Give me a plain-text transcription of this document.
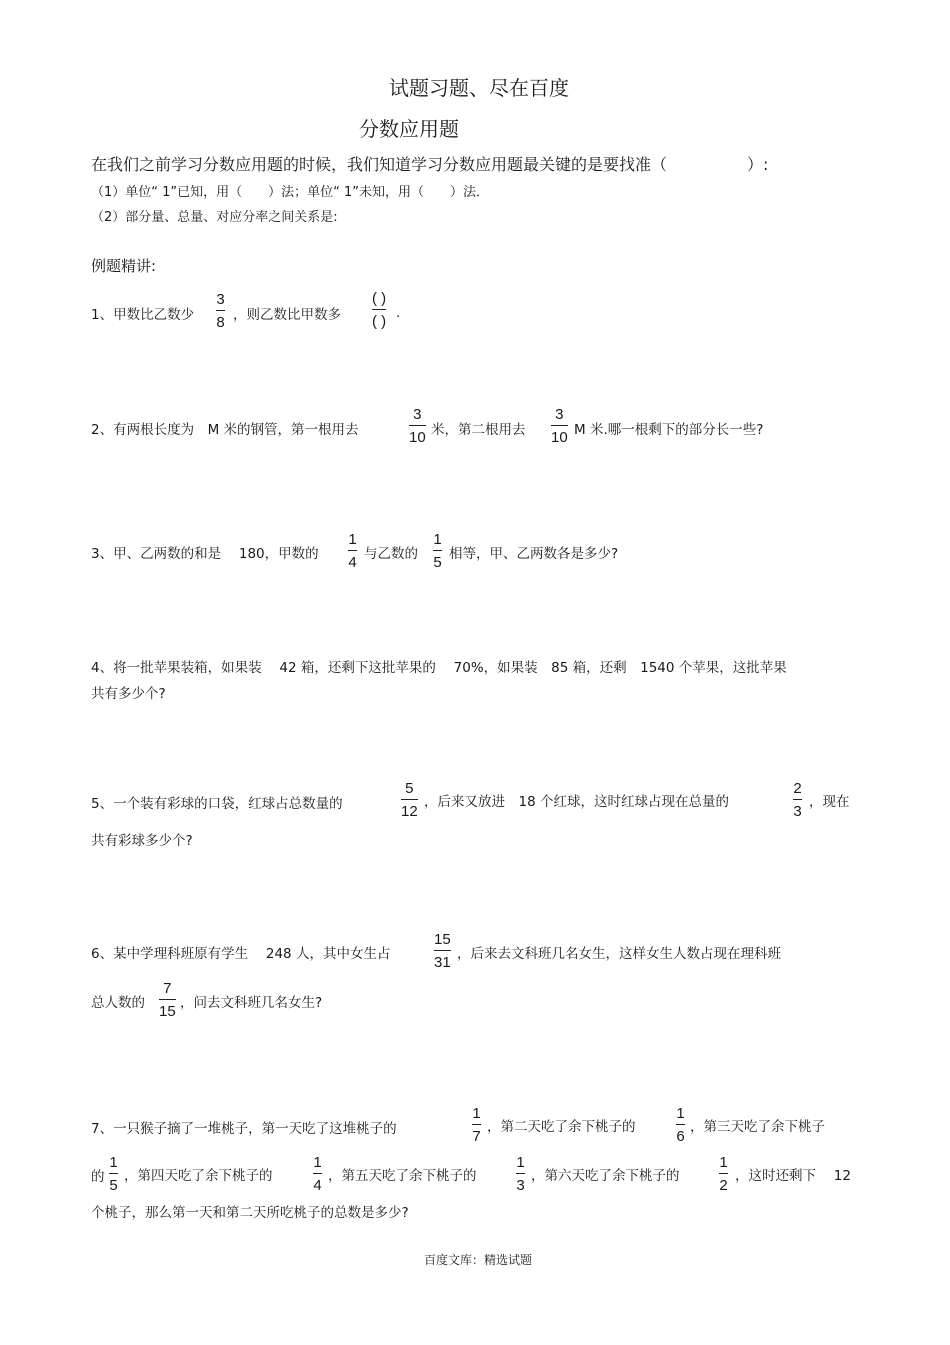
试题习题、尽在百度
分数应用题
在我们之前学习分数应用题的时候，我们知道学习分数应用题最关键的是要找准（　　　　　）:
（1）单位“ 1”已知，用（　　）法；单位“ 1”未知，用（　　）法．
（2）部分量、总量、对应分率之间关系是:
例题精讲:
1、甲数比乙数少
3
8 ，则乙数比甲数多
( )
( )
.
2、有两根长度为　M 米的钢管，第一根用去
3
10 米，第二根用去
3
10 M 米.哪一根剩下的部分长一些?
3、甲、乙两数的和是　 180，甲数的
1
4
与乙数的
1
5
相等，甲、乙两数各是多少?
4、将一批苹果装箱，如果装　 42 箱，还剩下这批苹果的　 70%，如果装　85 箱，还剩　1540 个苹果，这批苹果
共有多少个?
5、一个装有彩球的口袋，红球占总数量的
5
12
，后来又放进　18 个红球，这时红球占现在总量的
2
3
，现在
共有彩球多少个?
6、某中学理科班原有学生　 248 人，其中女生占
15
31
，后来去文科班几名女生，这样女生人数占现在理科班
总人数的
7
15
，问去文科班几名女生?
7、一只猴子摘了一堆桃子，第一天吃了这堆桃子的
1
7
，第二天吃了余下桃子的
1
6
，第三天吃了余下桃子
的
1
5
，第四天吃了余下桃子的
1
4
，第五天吃了余下桃子的
1
3
，第六天吃了余下桃子的
1
2
，这时还剩下　 12
个桃子，那么第一天和第二天所吃桃子的总数是多少?
百度文库：精选试题
